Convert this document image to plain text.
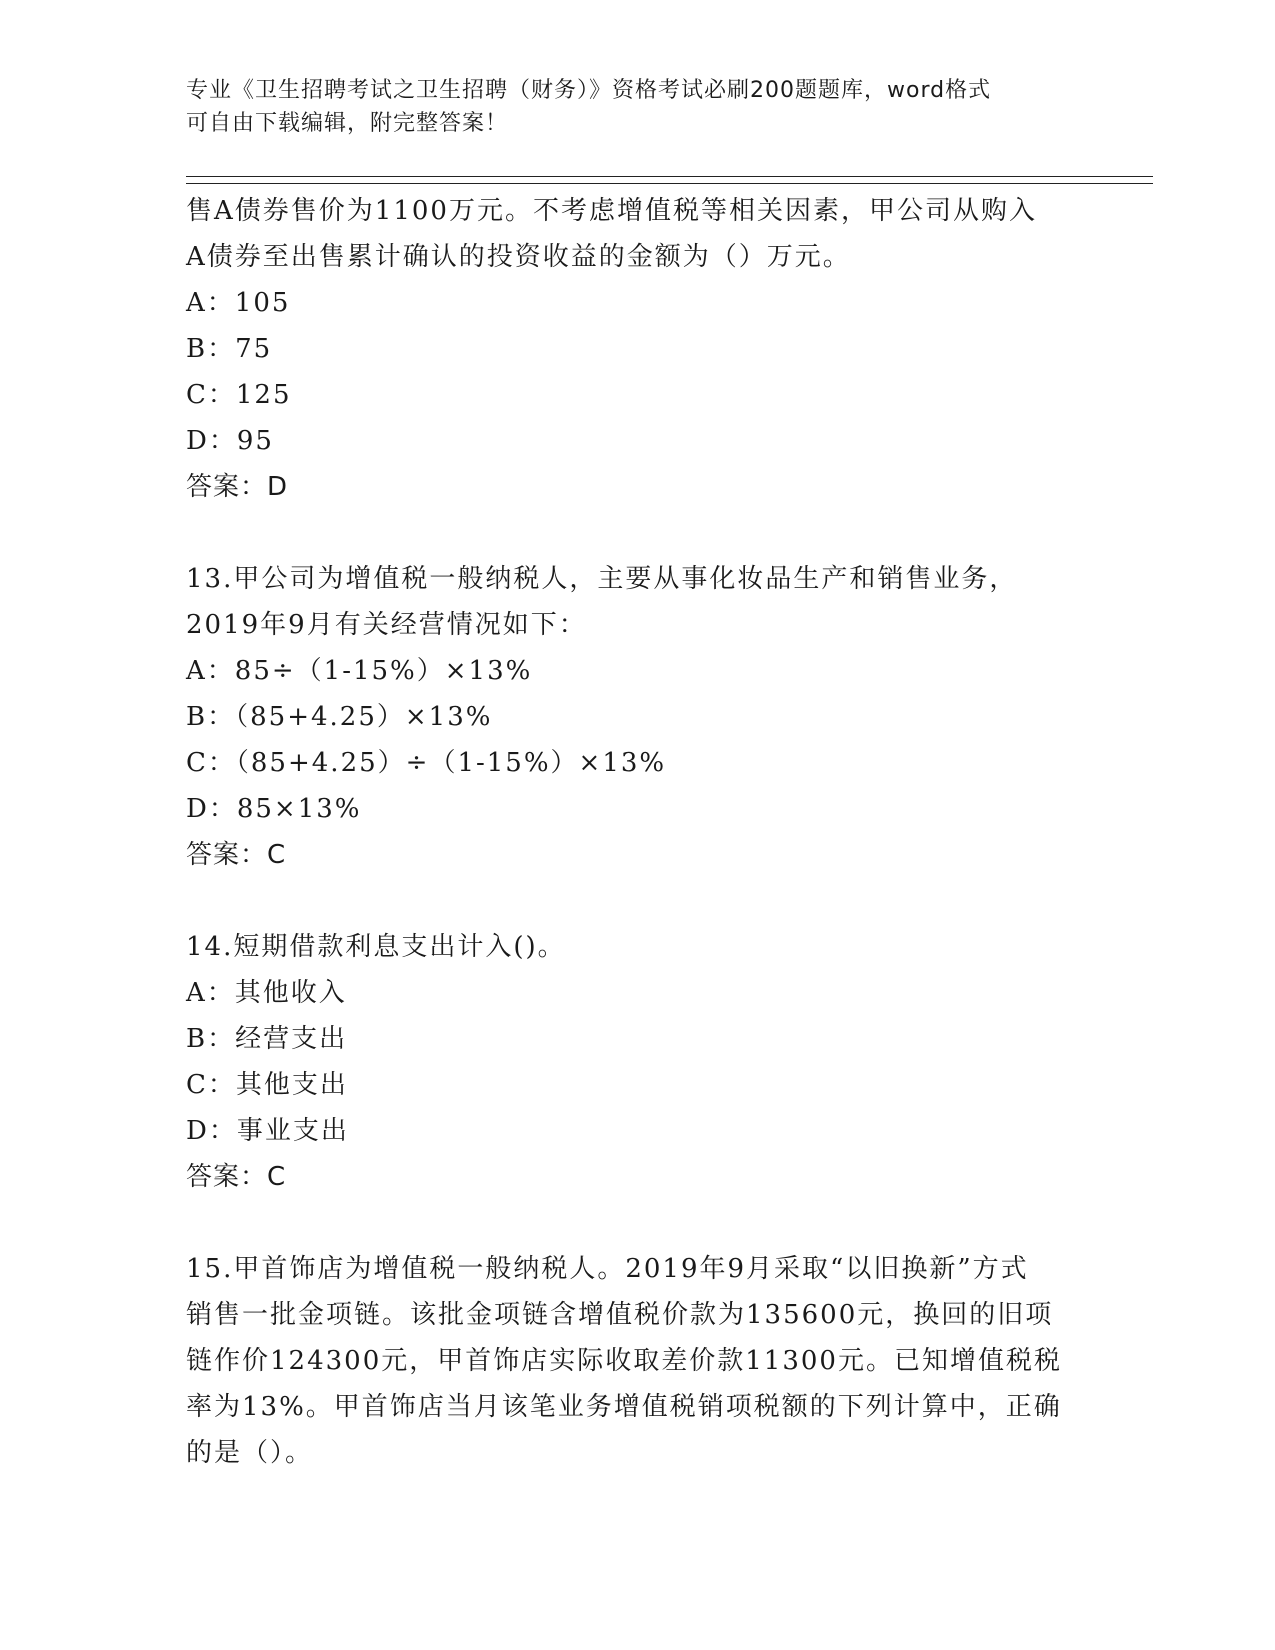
专业《卫生招聘考试之卫生招聘（财务）》资格考试必刷200题题库，word格式
可自由下载编辑，附完整答案！
售A债券售价为1100万元。不考虑增值税等相关因素，甲公司从购入
A债券至出售累计确认的投资收益的金额为（）万元。
A：105
B：75
C：125
D：95
答案：D
13.甲公司为增值税一般纳税人，主要从事化妆品生产和销售业务，
2019年9月有关经营情况如下：
A：85÷（1-15%）×13%
B：（85+4.25）×13%
C：（85+4.25）÷（1-15%）×13%
D：85×13%
答案：C
14.短期借款利息支出计入()。
A：其他收入
B：经营支出
C：其他支出
D：事业支出
答案：C
15.甲首饰店为增值税一般纳税人。2019年9月采取“以旧换新”方式
销售一批金项链。该批金项链含增值税价款为135600元，换回的旧项
链作价124300元，甲首饰店实际收取差价款11300元。已知增值税税
率为13%。甲首饰店当月该笔业务增值税销项税额的下列计算中，正确
的是（）。
